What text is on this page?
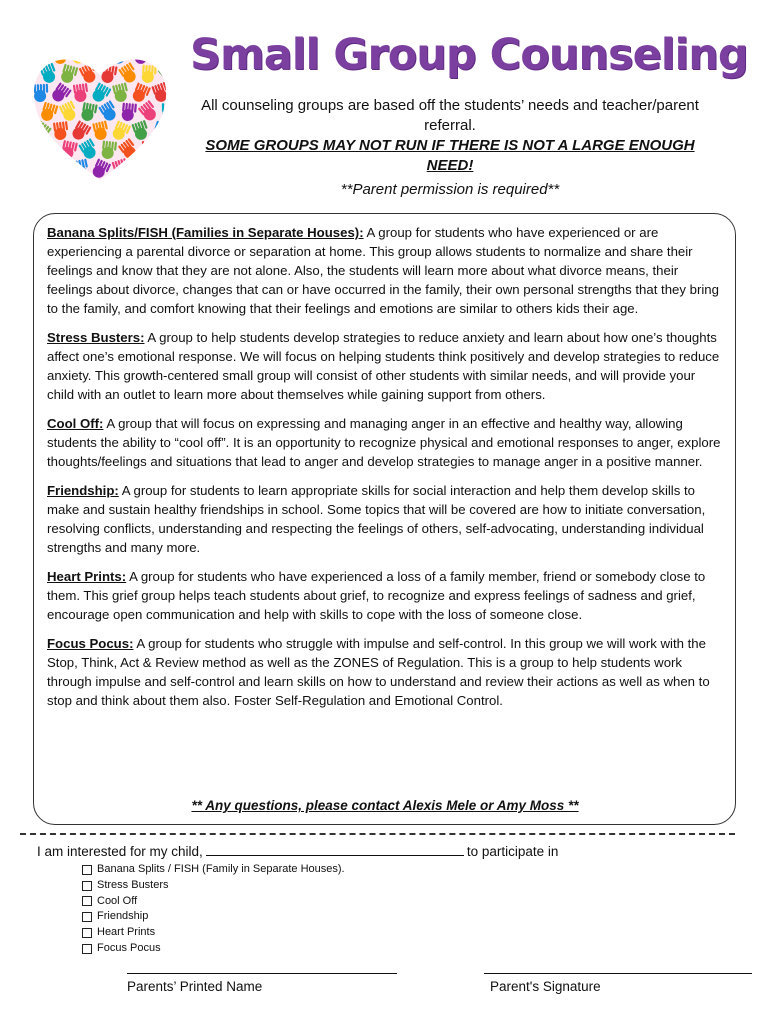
Small Group Counseling
All counseling groups are based off the students’ needs and teacher/parent referral.
SOME GROUPS MAY NOT RUN IF THERE IS NOT A LARGE ENOUGH NEED!
**Parent permission is required**

Banana Splits/FISH (Families in Separate Houses): A group for students who have experienced or are experiencing a parental divorce or separation at home. This group allows students to normalize and share their feelings and know that they are not alone. Also, the students will learn more about what divorce means, their feelings about divorce, changes that can or have occurred in the family, their own personal strengths that they bring to the family, and comfort knowing that their feelings and emotions are similar to others kids their age.

Stress Busters: A group to help students develop strategies to reduce anxiety and learn about how one’s thoughts affect one’s emotional response. We will focus on helping students think positively and develop strategies to reduce anxiety. This growth-centered small group will consist of other students with similar needs, and will provide your child with an outlet to learn more about themselves while gaining support from others.

Cool Off: A group that will focus on expressing and managing anger in an effective and healthy way, allowing students the ability to “cool off”. It is an opportunity to recognize physical and emotional responses to anger, explore thoughts/feelings and situations that lead to anger and develop strategies to manage anger in a positive manner.

Friendship: A group for students to learn appropriate skills for social interaction and help them develop skills to make and sustain healthy friendships in school. Some topics that will be covered are how to initiate conversation, resolving conflicts, understanding and respecting the feelings of others, self-advocating, understanding individual strengths and many more.

Heart Prints: A group for students who have experienced a loss of a family member, friend or somebody close to them. This grief group helps teach students about grief, to recognize and express feelings of sadness and grief, encourage open communication and help with skills to cope with the loss of someone close.

Focus Pocus: A group for students who struggle with impulse and self-control. In this group we will work with the Stop, Think, Act & Review method as well as the ZONES of Regulation. This is a group to help students work through impulse and self-control and learn skills on how to understand and review their actions as well as when to stop and think about them also. Foster Self-Regulation and Emotional Control.

** Any questions, please contact Alexis Mele or Amy Moss **
I am interested for my child,	to participate in
Banana Splits / FISH (Family in Separate Houses).
Stress Busters
Cool Off
Friendship
Heart Prints
Focus Pocus
Parents’ Printed Name	Parent's Signature
